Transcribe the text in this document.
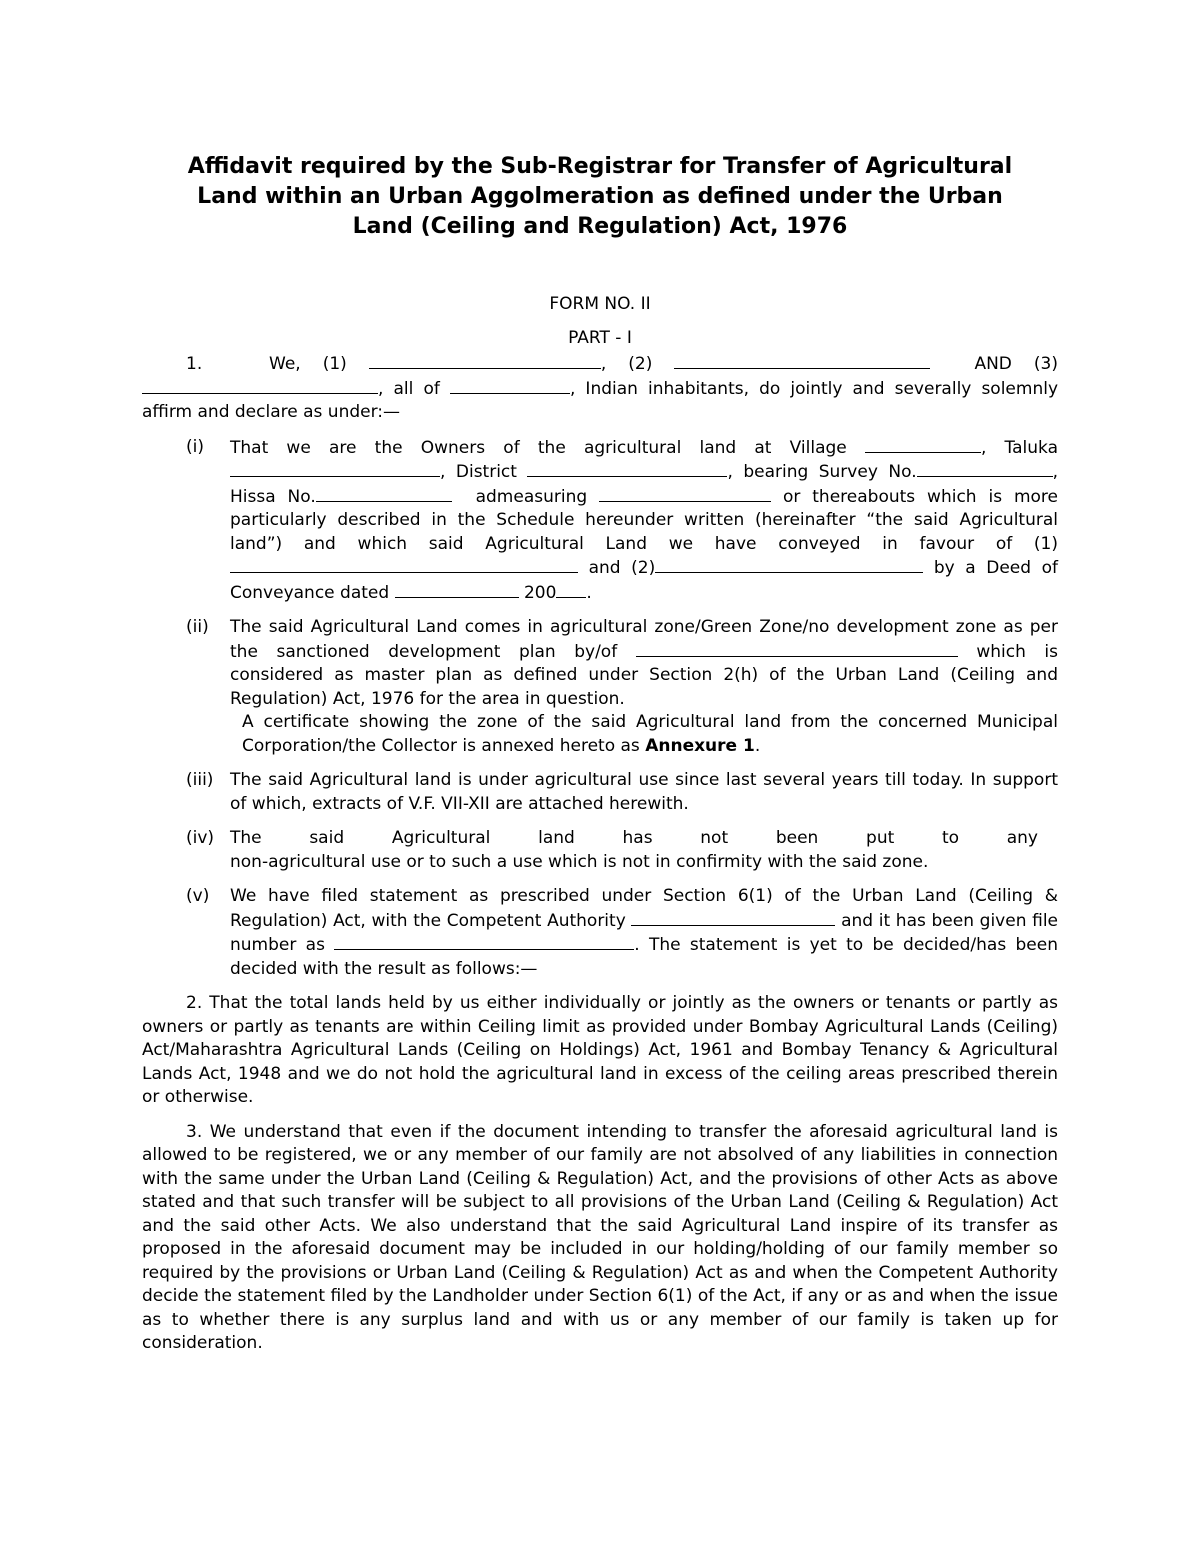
Affidavit required by the Sub-Registrar for Transfer of Agricultural
Land within an Urban Aggolmeration as defined under the Urban
Land (Ceiling and Regulation) Act, 1976
FORM NO. II
PART - I

1.	We, (1)	, (2)	AND (3) , all of	, Indian inhabitants, do jointly and severally solemnly affirm and declare as under:—

(i) That we are the Owners of the agricultural land at Village	, Taluka , District	, bearing Survey No.	, Hissa No.	admeasuring	or thereabouts which is more particularly described in the Schedule hereunder written (hereinafter “the said Agricultural land”) and which said Agricultural Land we have conveyed in favour of (1) and (2)	by a Deed of Conveyance dated	200 .

(ii) The said Agricultural Land comes in agricultural zone/Green Zone/no development zone as per the sanctioned development plan by/of	which is considered as master plan as defined under Section 2(h) of the Urban Land (Ceiling and Regulation) Act, 1976 for the area in question.

A certificate showing the zone of the said Agricultural land from the concerned Municipal Corporation/the Collector is annexed hereto as Annexure 1.

(iii) The said Agricultural land is under agricultural use since last several years till today. In support of which, extracts of V.F. VII-XII are attached herewith.

(iv) The said Agricultural land has not been put to any

non-agricultural use or to such a use which is not in confirmity with the said zone.

(v) We have filed statement as prescribed under Section 6(1) of the Urban Land (Ceiling & Regulation) Act, with the Competent Authority	and it has been given file number as	. The statement is yet to be decided/has been decided with the result as follows:—

2. That the total lands held by us either individually or jointly as the owners or tenants or partly as owners or partly as tenants are within Ceiling limit as provided under Bombay Agricultural Lands (Ceiling) Act/Maharashtra Agricultural Lands (Ceiling on Holdings) Act, 1961 and Bombay Tenancy & Agricultural Lands Act, 1948 and we do not hold the agricultural land in excess of the ceiling areas prescribed therein or otherwise.

3. We understand that even if the document intending to transfer the aforesaid agricultural land is allowed to be registered, we or any member of our family are not absolved of any liabilities in connection with the same under the Urban Land (Ceiling & Regulation) Act, and the provisions of other Acts as above stated and that such transfer will be subject to all provisions of the Urban Land (Ceiling & Regulation) Act and the said other Acts. We also understand that the said Agricultural Land inspire of its transfer as proposed in the aforesaid document may be included in our holding/holding of our family member so required by the provisions or Urban Land (Ceiling & Regulation) Act as and when the Competent Authority decide the statement filed by the Landholder under Section 6(1) of the Act, if any or as and when the issue as to whether there is any surplus land and with us or any member of our family is taken up for consideration.
